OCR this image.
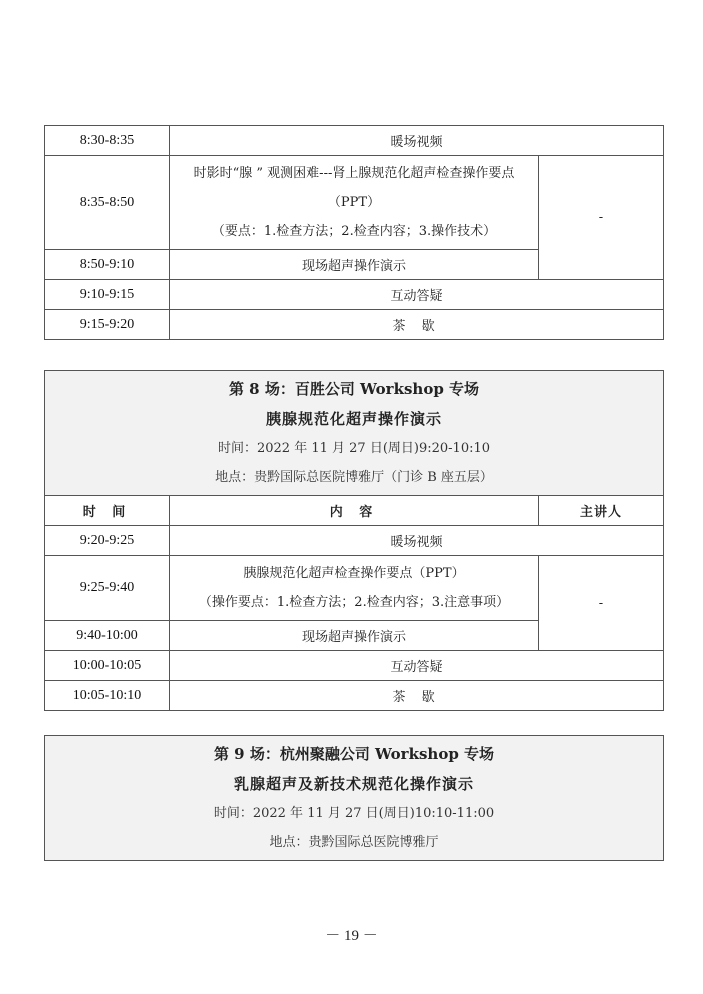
8:30-8:35	暖场视频	
8:35-8:50	时影时“腺 ” 观测困难---肾上腺规范化超声检查操作要点
（PPT）
（要点：1.检查方法；2.检查内容；3.操作技术）	-
8:50-9:10	现场超声操作演示	
9:10-9:15	互动答疑	
9:15-9:20	茶 歇	
第 8 场：百胜公司 Workshop 专场
胰腺规范化超声操作演示
时间：2022 年 11 月 27 日(周日)9:20-10:10
地点：贵黔国际总医院博雅厅（门诊 B 座五层）		

时 间	内 容	主讲人
9:20-9:25	暖场视频	
9:25-9:40	胰腺规范化超声检查操作要点（PPT）
（操作要点：1.检查方法；2.检查内容；3.注意事项）	-
9:40-10:00	现场超声操作演示	
10:00-10:05	互动答疑	
10:05-10:10	茶 歇	
第 9 场：杭州聚融公司 Workshop 专场
乳腺超声及新技术规范化操作演示
时间：2022 年 11 月 27 日(周日)10:10-11:00
地点：贵黔国际总医院博雅厅
－ 19 －
